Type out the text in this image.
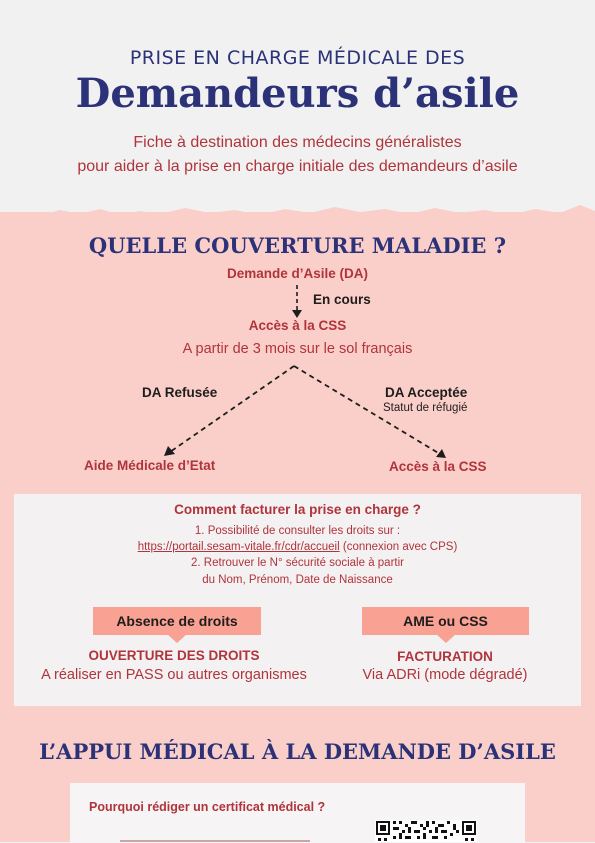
PRISE EN CHARGE MÉDICALE DES
Demandeurs d’asile
Fiche à destination des médecins généralistes
pour aider à la prise en charge initiale des demandeurs d’asile
QUELLE COUVERTURE MALADIE ?
Demande d’Asile (DA)
En cours
Accès à la CSS
A partir de 3 mois sur le sol français
DA Refusée	DA Acceptée
Statut de réfugié
Aide Médicale d’Etat	Accès à la CSS
Comment facturer la prise en charge ?
1. Possibilité de consulter les droits sur :
https://portail.sesam-vitale.fr/cdr/accueil (connexion avec CPS)
2. Retrouver le N° sécurité sociale à partir
du Nom, Prénom, Date de Naissance
Absence de droits
OUVERTURE DES DROITS
A réaliser en PASS ou autres organismes
AME ou CSS
FACTURATION
Via ADRi (mode dégradé)
L’APPUI MÉDICAL À LA DEMANDE D’ASILE
Pourquoi rédiger un certificat médical ?
